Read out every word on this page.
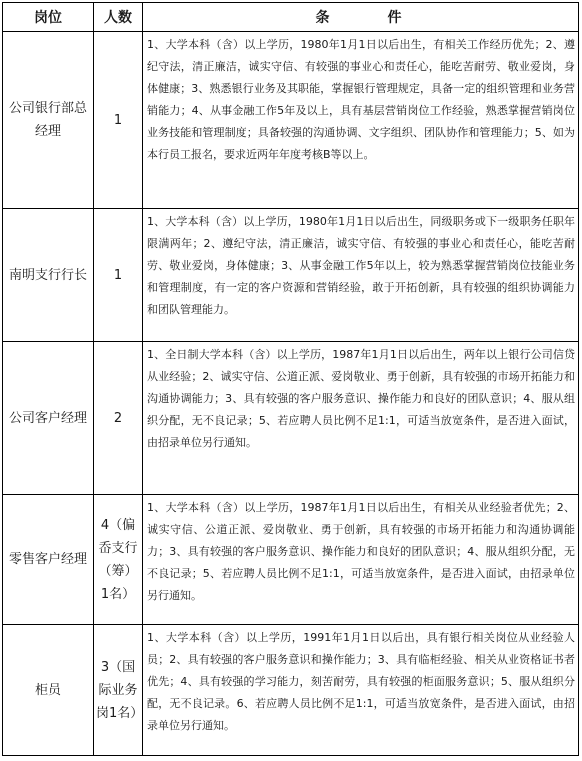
岗位	人数	条　　　件
公司银行部总经理	1	1、大学本科（含）以上学历，1980年1月1日以后出生，有相关工作经历优先；2、遵纪守法，清正廉洁，诚实守信、有较强的事业心和责任心，能吃苦耐劳、敬业爱岗，身体健康；3、熟悉银行业务及其职能，掌握银行管理规定，具备一定的组织管理和业务营销能力；4、从事金融工作5年及以上，具有基层营销岗位工作经验，熟悉掌握营销岗位业务技能和管理制度；具备较强的沟通协调、文字组织、团队协作和管理能力；5、如为本行员工报名，要求近两年年度考核B等以上。
南明支行行长	1	1、大学本科（含）以上学历，1980年1月1日以后出生，同级职务或下一级职务任职年限满两年；2、遵纪守法，清正廉洁，诚实守信、有较强的事业心和责任心，能吃苦耐劳、敬业爱岗，身体健康；3、从事金融工作5年以上，较为熟悉掌握营销岗位技能业务和管理制度，有一定的客户资源和营销经验，敢于开拓创新，具有较强的组织协调能力和团队管理能力。
公司客户经理	2	1、全日制大学本科（含）以上学历，1987年1月1日以后出生，两年以上银行公司信贷从业经验；2、诚实守信、公道正派、爱岗敬业、勇于创新，具有较强的市场开拓能力和沟通协调能力；3、具有较强的客户服务意识、操作能力和良好的团队意识；4、服从组织分配，无不良记录；5、若应聘人员比例不足1:1，可适当放宽条件，是否进入面试，由招录单位另行通知。
零售客户经理	4（偏岙支行（筹）1名）	1、大学本科（含）以上学历，1987年1月1日以后出生，有相关从业经验者优先；2、诚实守信、公道正派、爱岗敬业、勇于创新，具有较强的市场开拓能力和沟通协调能力；3、具有较强的客户服务意识、操作能力和良好的团队意识；4、服从组织分配，无不良记录；5、若应聘人员比例不足1:1，可适当放宽条件，是否进入面试，由招录单位另行通知。
柜员	3（国际业务岗1名）	1、大学本科（含）以上学历，1991年1月1日以后出，具有银行相关岗位从业经验人员；2、具有较强的客户服务意识和操作能力；3、具有临柜经验、相关从业资格证书者优先；4、具有较强的学习能力，刻苦耐劳，具有较强的柜面服务意识；5、服从组织分配，无不良记录。6、若应聘人员比例不足1:1，可适当放宽条件，是否进入面试，由招录单位另行通知。
